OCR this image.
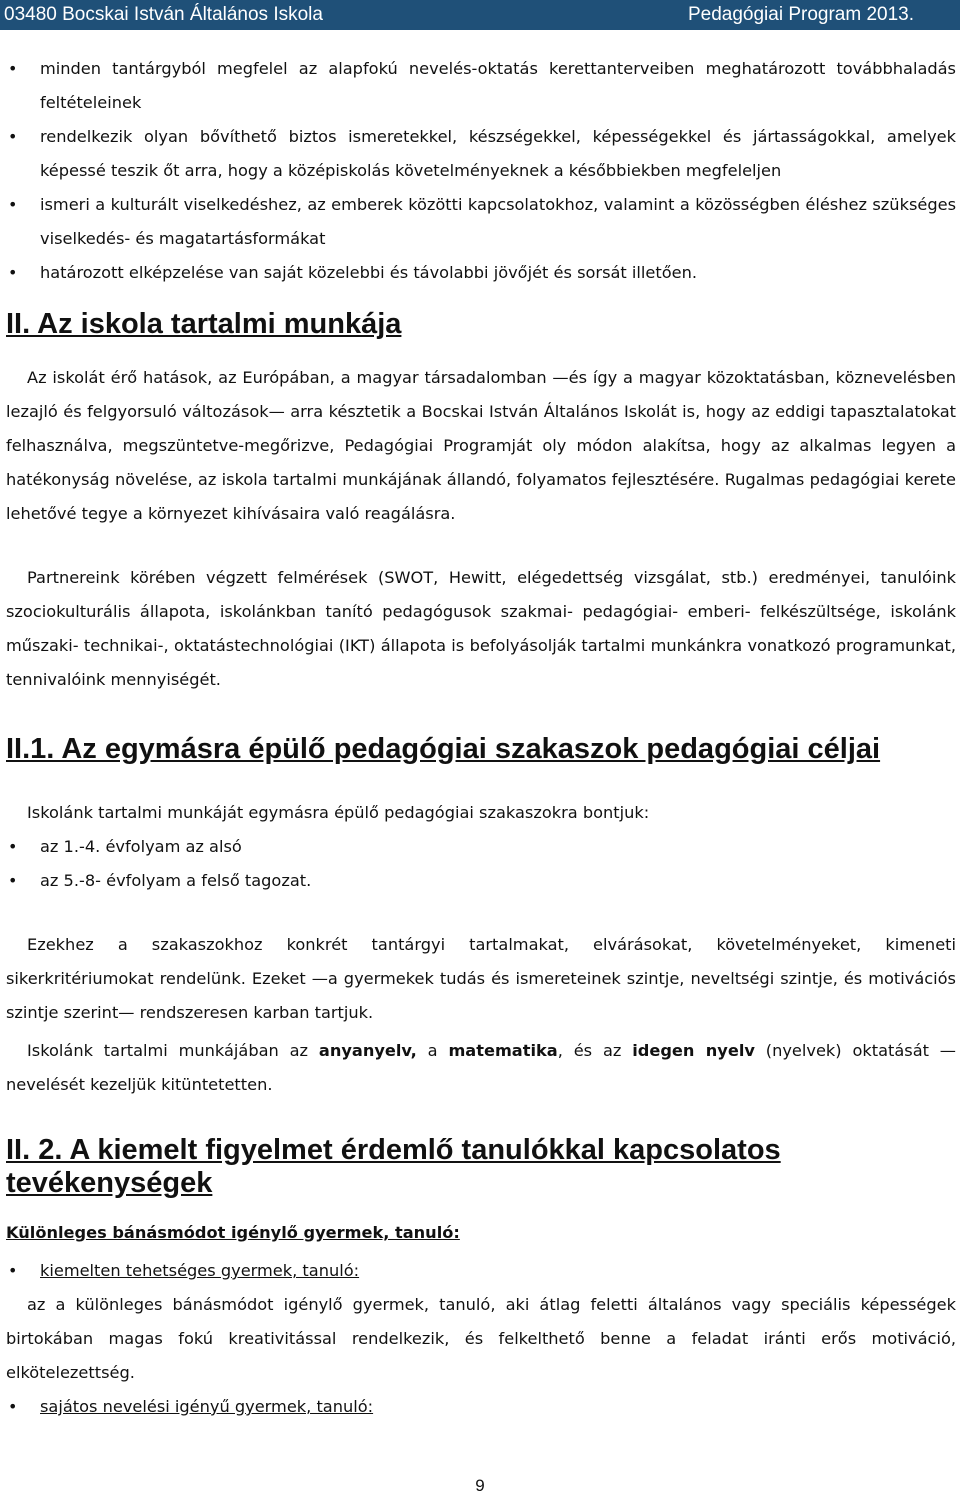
03480 Bocskai István Általános Iskola	Pedagógiai Program 2013.
• minden tantárgyból megfelel az alapfokú nevelés-oktatás kerettanterveiben meghatározott továbbhaladás feltételeinek
• rendelkezik olyan bővíthető biztos ismeretekkel, készségekkel, képességekkel és jártasságokkal, amelyek képessé teszik őt arra, hogy a középiskolás követelményeknek a későbbiekben megfeleljen
• ismeri a kulturált viselkedéshez, az emberek közötti kapcsolatokhoz, valamint a közösségben éléshez szükséges viselkedés- és magatartásformákat
• határozott elképzelése van saját közelebbi és távolabbi jövőjét és sorsát illetően.
II. Az iskola tartalmi munkája

Az iskolát érő hatások, az Európában, a magyar társadalomban —és így a magyar közoktatásban, köznevelésben lezajló és felgyorsuló változások— arra késztetik a Bocskai István Általános Iskolát is, hogy az eddigi tapasztalatokat felhasználva, megszüntetve-megőrizve, Pedagógiai Programját oly módon alakítsa, hogy az alkalmas legyen a hatékonyság növelése, az iskola tartalmi munkájának állandó, folyamatos fejlesztésére. Rugalmas pedagógiai kerete lehetővé tegye a környezet kihívásaira való reagálásra.

Partnereink körében végzett felmérések (SWOT, Hewitt, elégedettség vizsgálat, stb.) eredményei, tanulóink szociokulturális állapota, iskolánkban tanító pedagógusok szakmai- pedagógiai- emberi- felkészültsége, iskolánk műszaki- technikai-, oktatástechnológiai (IKT) állapota is befolyásolják tartalmi munkánkra vonatkozó programunkat, tennivalóink mennyiségét.

II.1. Az egymásra épülő pedagógiai szakaszok pedagógiai céljai

Iskolánk tartalmi munkáját egymásra épülő pedagógiai szakaszokra bontjuk:

• az 1.-4. évfolyam az alsó
• az 5.-8- évfolyam a felső tagozat.

Ezekhez a szakaszokhoz konkrét tantárgyi tartalmakat, elvárásokat, követelményeket, kimeneti sikerkritériumokat rendelünk. Ezeket —a gyermekek tudás és ismereteinek szintje, neveltségi szintje, és motivációs szintje szerint— rendszeresen karban tartjuk.

Iskolánk tartalmi munkájában az anyanyelv, a matematika, és az idegen nyelv (nyelvek) oktatását —nevelését kezeljük kitüntetetten.

II. 2. A kiemelt figyelmet érdemlő tanulókkal kapcsolatos tevékenységek
Különleges bánásmódot igénylő gyermek, tanuló:
• kiemelten tehetséges gyermek, tanuló:

az a különleges bánásmódot igénylő gyermek, tanuló, aki átlag feletti általános vagy speciális képességek birtokában magas fokú kreativitással rendelkezik, és felkelthető benne a feladat iránti erős motiváció, elkötelezettség.

• sajátos nevelési igényű gyermek, tanuló:
9
